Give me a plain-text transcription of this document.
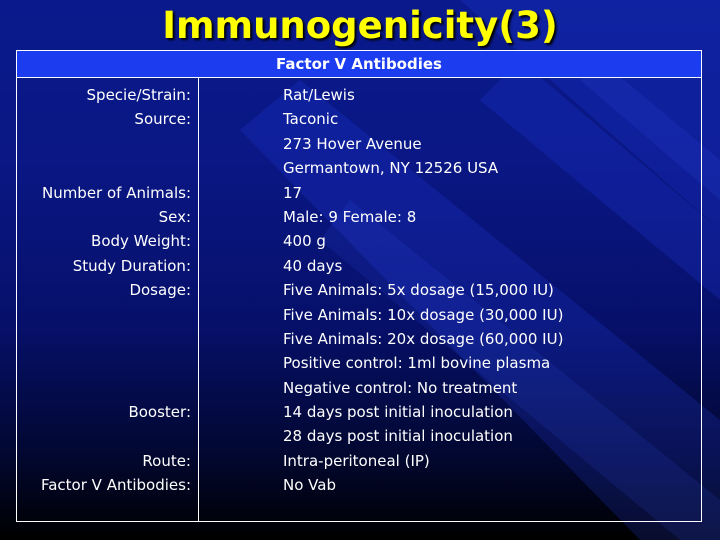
Immunogenicity(3)
Factor V Antibodies
Specie/Strain:
Source:
Number of Animals:
Sex:
Body Weight:
Study Duration:
Dosage:
Booster:
Route:
Factor V Antibodies:
Rat/Lewis
Taconic
273 Hover Avenue
Germantown, NY 12526 USA
17
Male: 9 Female: 8
400 g
40 days
Five Animals: 5x dosage (15,000 IU)
Five Animals: 10x dosage (30,000 IU)
Five Animals: 20x dosage (60,000 IU)
Positive control: 1ml bovine plasma
Negative control: No treatment
14 days post initial inoculation
28 days post initial inoculation
Intra-peritoneal (IP)
No Vab
